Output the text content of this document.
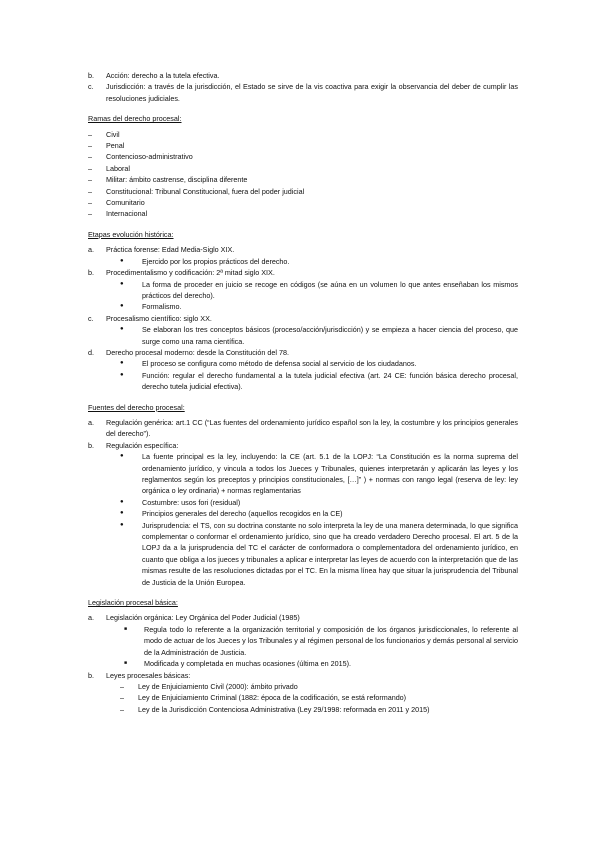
b.	Acción: derecho a la tutela efectiva.
c.	Jurisdicción: a través de la jurisdicción, el Estado se sirve de la vis coactiva para exigir la observancia del deber de cumplir las resoluciones judiciales.
Ramas del derecho procesal:
–	Civil
–	Penal
–	Contencioso-administrativo
–	Laboral
–	Militar: ámbito castrense, disciplina diferente
–	Constitucional: Tribunal Constitucional, fuera del poder judicial
–	Comunitario
–	Internacional
Etapas evolución histórica:
a.	Práctica forense: Edad Media-Siglo XIX.
●	Ejercido por los propios prácticos del derecho.
b.	Procedimentalismo y codificación: 2ª mitad siglo XIX.
●	La forma de proceder en juicio se recoge en códigos (se aúna en un volumen lo que antes enseñaban los mismos prácticos del derecho).
●	Formalismo.
c.	Procesalismo científico: siglo XX.
●	Se elaboran los tres conceptos básicos (proceso/acción/jurisdicción) y se empieza a hacer ciencia del proceso, que surge como una rama científica.
d.	Derecho procesal moderno: desde la Constitución del 78.
●	El proceso se configura como método de defensa social al servicio de los ciudadanos.
●	Función: regular el derecho fundamental a la tutela judicial efectiva (art. 24 CE: función básica derecho procesal, derecho tutela judicial efectiva).
Fuentes del derecho procesal:
a.	Regulación genérica: art.1 CC (“Las fuentes del ordenamiento jurídico español son la ley, la costumbre y los principios generales del derecho”).
b.	Regulación específica:
●	La fuente principal es la ley, incluyendo: la CE (art. 5.1 de la LOPJ: “La Constitución es la norma suprema del ordenamiento jurídico, y vincula a todos los Jueces y Tribunales, quienes interpretarán y aplicarán las leyes y los reglamentos según los preceptos y principios constitucionales, […]” ) + normas con rango legal (reserva de ley: ley orgánica o ley ordinaria) + normas reglamentarias
●	Costumbre: usos fori (residual)
●	Principios generales del derecho (aquellos recogidos en la CE)
●	Jurisprudencia: el TS, con su doctrina constante no solo interpreta la ley de una manera determinada, lo que significa complementar o conformar el ordenamiento jurídico, sino que ha creado verdadero Derecho procesal. El art. 5 de la LOPJ da a la jurisprudencia del TC el carácter de conformadora o complementadora del ordenamiento jurídico, en cuanto que obliga a los jueces y tribunales a aplicar e interpretar las leyes de acuerdo con la interpretación que de las mismas resulte de las resoluciones dictadas por el TC. En la misma línea hay que situar la jurisprudencia del Tribunal de Justicia de la Unión Europea.
Legislación procesal básica:
a.	Legislación orgánica: Ley Orgánica del Poder Judicial (1985)
■	Regula todo lo referente a la organización territorial y composición de los órganos jurisdiccionales, lo referente al modo de actuar de los Jueces y los Tribunales y al régimen personal de los funcionarios y demás personal al servicio de la Administración de Justicia.
■	Modificada y completada en muchas ocasiones (última en 2015).
b.	Leyes procesales básicas:
–	Ley de Enjuiciamiento Civil (2000): ámbito privado
–	Ley de Enjuiciamiento Criminal (1882: época de la codificación, se está reformando)
–	Ley de la Jurisdicción Contenciosa Administrativa (Ley 29/1998: reformada en 2011 y 2015)
